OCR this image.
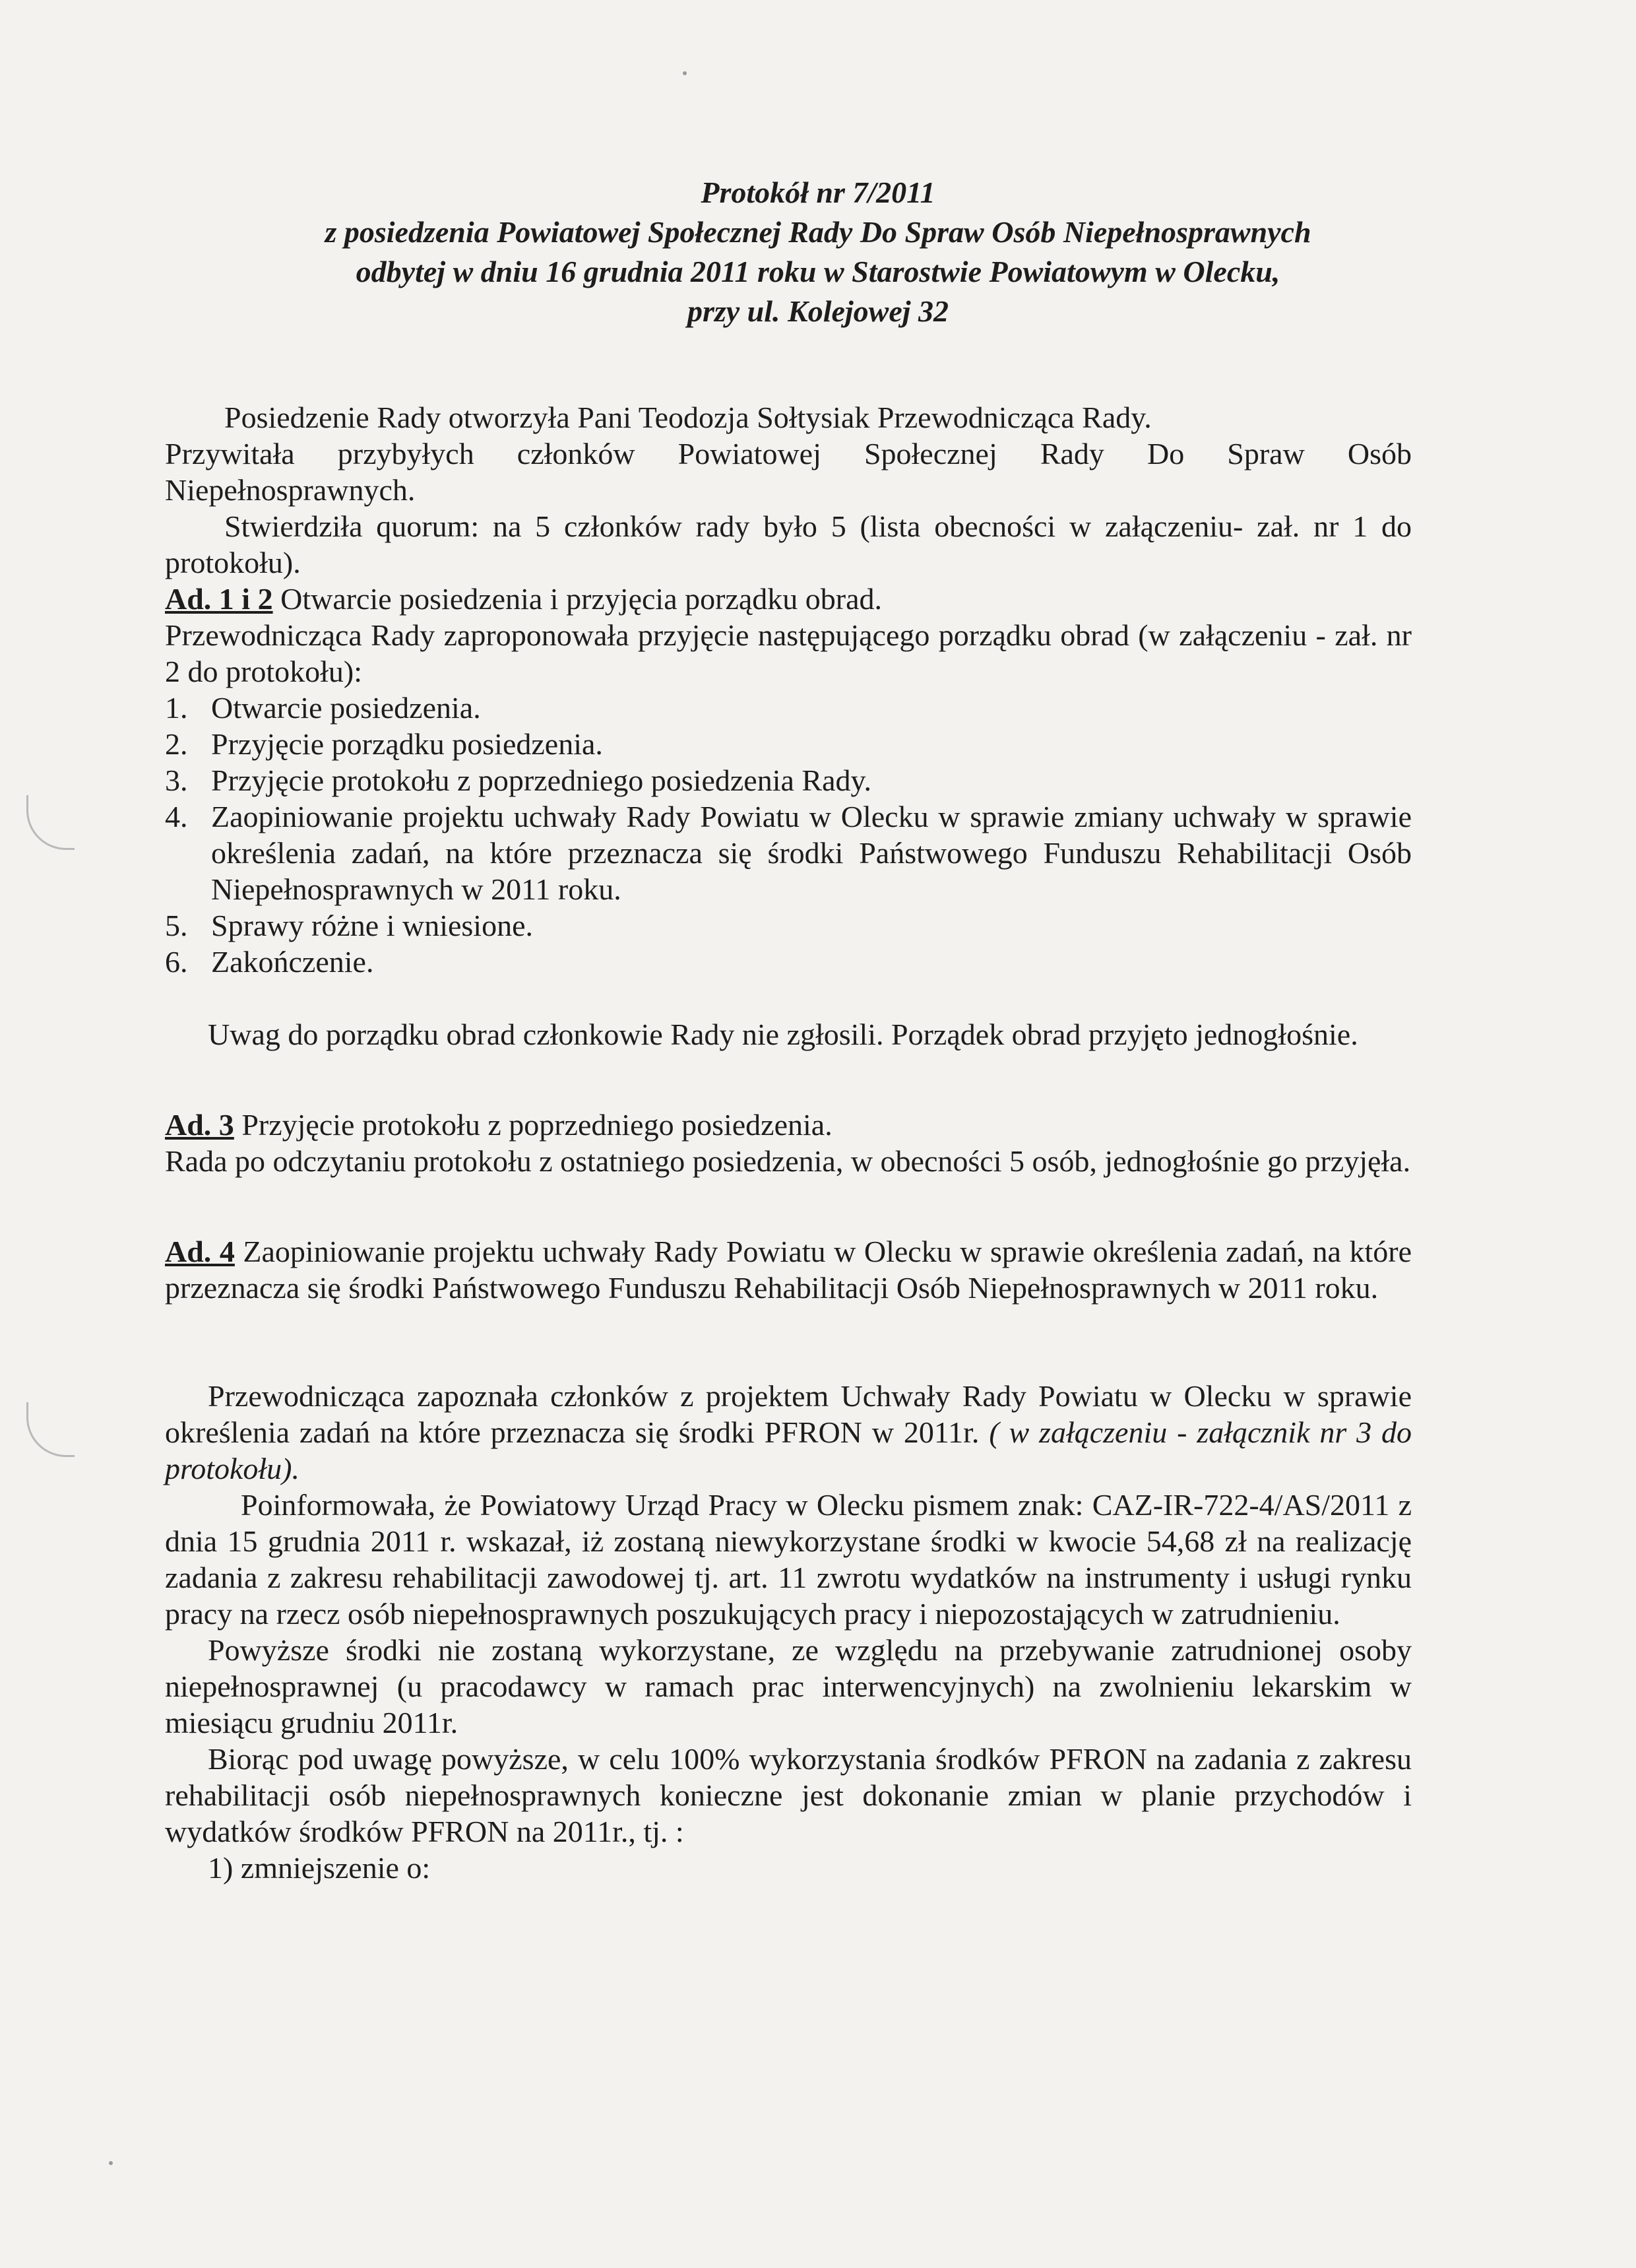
Protokół nr 7/2011
z posiedzenia Powiatowej Społecznej Rady Do Spraw Osób Niepełnosprawnych
odbytej w dniu 16 grudnia 2011 roku w Starostwie Powiatowym w Olecku,
przy ul. Kolejowej 32

Posiedzenie Rady otworzyła Pani Teodozja Sołtysiak Przewodnicząca Rady.

Przywitała przybyłych członków Powiatowej Społecznej Rady Do Spraw Osób

Niepełnosprawnych.

Stwierdziła quorum: na 5 członków rady było 5 (lista obecności w załączeniu- zał. nr 1 do protokołu).

Ad. 1 i 2 Otwarcie posiedzenia i przyjęcia porządku obrad.

Przewodnicząca Rady zaproponowała przyjęcie następującego porządku obrad (w załączeniu - zał. nr 2 do protokołu):

1. Otwarcie posiedzenia.
2. Przyjęcie porządku posiedzenia.
3. Przyjęcie protokołu z poprzedniego posiedzenia Rady.
4. Zaopiniowanie projektu uchwały Rady Powiatu w Olecku w sprawie zmiany uchwały w sprawie określenia zadań, na które przeznacza się środki Państwowego Funduszu Rehabilitacji Osób Niepełnosprawnych w 2011 roku.
5. Sprawy różne i wniesione.
6. Zakończenie.

Uwag do porządku obrad członkowie Rady nie zgłosili. Porządek obrad przyjęto jednogłośnie.

Ad. 3 Przyjęcie protokołu z poprzedniego posiedzenia.

Rada po odczytaniu protokołu z ostatniego posiedzenia, w obecności 5 osób, jednogłośnie go przyjęła.

Ad. 4 Zaopiniowanie projektu uchwały Rady Powiatu w Olecku w sprawie określenia zadań, na które przeznacza się środki Państwowego Funduszu Rehabilitacji Osób Niepełnosprawnych w 2011 roku.

Przewodnicząca zapoznała członków z projektem Uchwały Rady Powiatu w Olecku w sprawie określenia zadań na które przeznacza się środki PFRON w 2011r. ( w załączeniu - załącznik nr 3 do protokołu).

Poinformowała, że Powiatowy Urząd Pracy w Olecku pismem znak: CAZ-IR-722-4/AS/2011 z dnia 15 grudnia 2011 r. wskazał, iż zostaną niewykorzystane środki w kwocie 54,68 zł na realizację zadania z zakresu rehabilitacji zawodowej tj. art. 11 zwrotu wydatków na instrumenty i usługi rynku pracy na rzecz osób niepełnosprawnych poszukujących pracy i niepozostających w zatrudnieniu.

Powyższe środki nie zostaną wykorzystane, ze względu na przebywanie zatrudnionej osoby niepełnosprawnej (u pracodawcy w ramach prac interwencyjnych) na zwolnieniu lekarskim w miesiącu grudniu 2011r.

Biorąc pod uwagę powyższe, w celu 100% wykorzystania środków PFRON na zadania z zakresu rehabilitacji osób niepełnosprawnych konieczne jest dokonanie zmian w planie przychodów i wydatków środków PFRON na 2011r., tj. :

1) zmniejszenie o:
